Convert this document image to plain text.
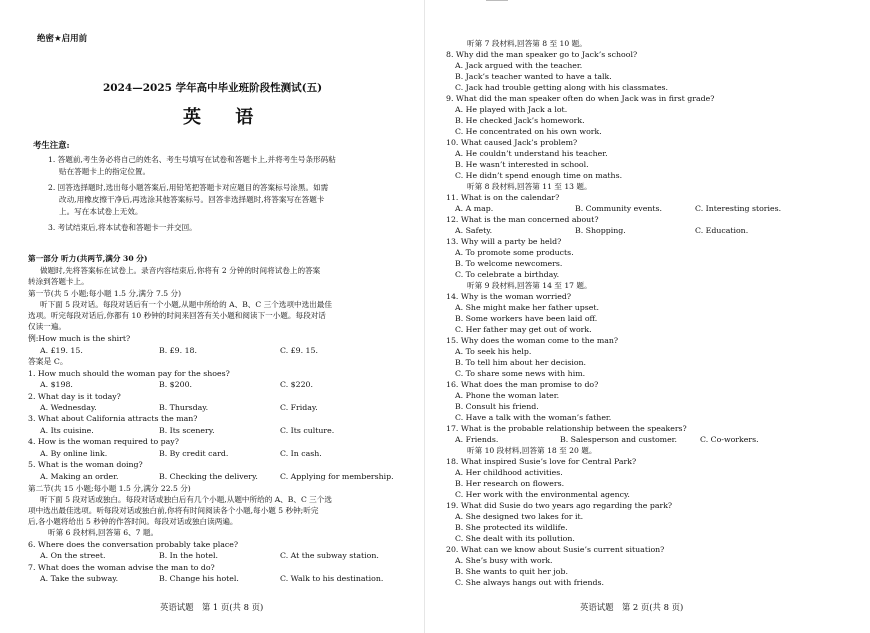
绝密★启用前
2024—2025 学年高中毕业班阶段性测试(五)
英 语
考生注意:
1. 答题前,考生务必将自己的姓名、考生号填写在试卷和答题卡上,并将考生号条形码粘
贴在答题卡上的指定位置。
2. 回答选择题时,选出每小题答案后,用铅笔把答题卡对应题目的答案标号涂黑。如需
改动,用橡皮擦干净后,再选涂其他答案标号。回答非选择题时,将答案写在答题卡
上。写在本试卷上无效。
3. 考试结束后,将本试卷和答题卡一并交回。
第一部分 听力(共两节,满分 30 分)
做题时,先将答案标在试卷上。录音内容结束后,你将有 2 分钟的时间将试卷上的答案
转涂到答题卡上。
第一节(共 5 小题;每小题 1.5 分,满分 7.5 分)
听下面 5 段对话。每段对话后有一个小题,从题中所给的 A、B、C 三个选项中选出最佳
选项。听完每段对话后,你都有 10 秒钟的时间来回答有关小题和阅读下一小题。每段对话
仅读一遍。
例:How much is the shirt?
A. £19. 15.	B. £9. 18.	C. £9. 15.
答案是 C。
1. How much should the woman pay for the shoes?
A. $198.	B. $200.	C. $220.
2. What day is it today?
A. Wednesday.	B. Thursday.	C. Friday.
3. What about California attracts the man?
A. Its cuisine.	B. Its scenery.	C. Its culture.
4. How is the woman required to pay?
A. By online link.	B. By credit card.	C. In cash.
5. What is the woman doing?
A. Making an order.	B. Checking the delivery.	C. Applying for membership.
第二节(共 15 小题;每小题 1.5 分,满分 22.5 分)
听下面 5 段对话或独白。每段对话或独白后有几个小题,从题中所给的 A、B、C 三个选
项中选出最佳选项。听每段对话或独白前,你将有时间阅读各个小题,每小题 5 秒钟;听完
后,各小题将给出 5 秒钟的作答时间。每段对话或独白读两遍。
听第 6 段材料,回答第 6、7 题。
6. Where does the conversation probably take place?
A. On the street.	B. In the hotel.	C. At the subway station.
7. What does the woman advise the man to do?
A. Take the subway.	B. Change his hotel.	C. Walk to his destination.
英语试题　第 1 页(共 8 页)
听第 7 段材料,回答第 8 至 10 题。
8. Why did the man speaker go to Jack’s school?
A. Jack argued with the teacher.
B. Jack’s teacher wanted to have a talk.
C. Jack had trouble getting along with his classmates.
9. What did the man speaker often do when Jack was in first grade?
A. He played with Jack a lot.
B. He checked Jack’s homework.
C. He concentrated on his own work.
10. What caused Jack’s problem?
A. He couldn’t understand his teacher.
B. He wasn’t interested in school.
C. He didn’t spend enough time on maths.
听第 8 段材料,回答第 11 至 13 题。
11. What is on the calendar?
A. A map.	B. Community events.	C. Interesting stories.
12. What is the man concerned about?
A. Safety.	B. Shopping.	C. Education.
13. Why will a party be held?
A. To promote some products.
B. To welcome newcomers.
C. To celebrate a birthday.
听第 9 段材料,回答第 14 至 17 题。
14. Why is the woman worried?
A. She might make her father upset.
B. Some workers have been laid off.
C. Her father may get out of work.
15. Why does the woman come to the man?
A. To seek his help.
B. To tell him about her decision.
C. To share some news with him.
16. What does the man promise to do?
A. Phone the woman later.
B. Consult his friend.
C. Have a talk with the woman’s father.
17. What is the probable relationship between the speakers?
A. Friends.	B. Salesperson and customer.	C. Co-workers.
听第 10 段材料,回答第 18 至 20 题。
18. What inspired Susie’s love for Central Park?
A. Her childhood activities.
B. Her research on flowers.
C. Her work with the environmental agency.
19. What did Susie do two years ago regarding the park?
A. She designed two lakes for it.
B. She protected its wildlife.
C. She dealt with its pollution.
20. What can we know about Susie’s current situation?
A. She’s busy with work.
B. She wants to quit her job.
C. She always hangs out with friends.
英语试题　第 2 页(共 8 页)
